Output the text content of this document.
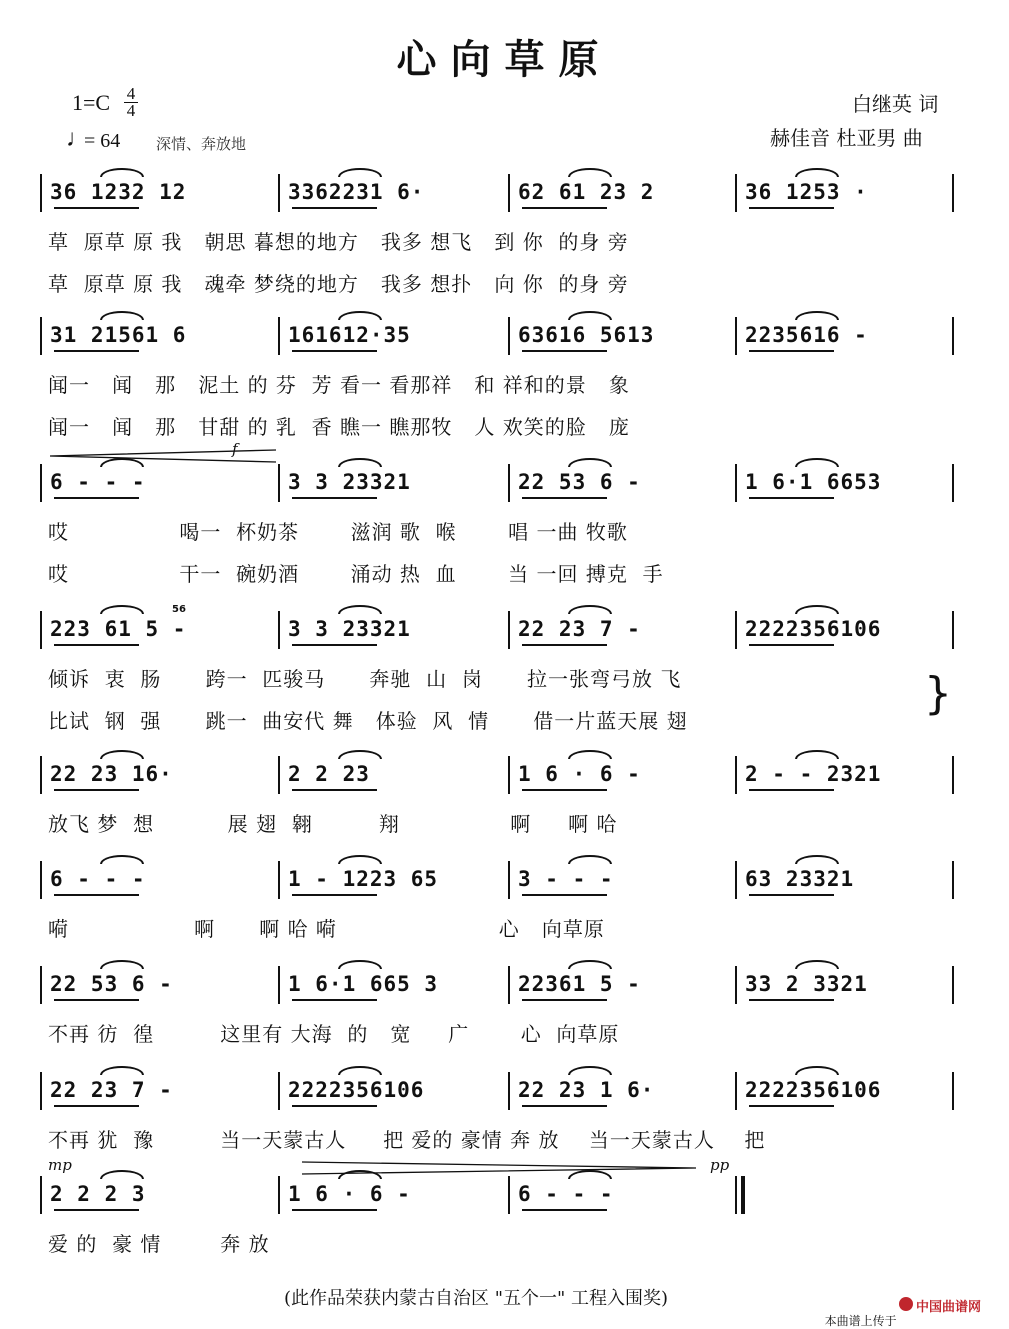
心向草原
$1=C \frac{4}{4}$
♩
= 64 深情、奔放地
白继英 词
赫佳音 杜亚男 曲
36 1232 12	3362231 6·	62 61 23 2	36 1253 ·
草  原草 原 我   朝思 暮想的地方   我多 想飞   到 你  的身 旁
草  原草 原 我   魂牵 梦绕的地方   我多 想扑   向 你  的身 旁
31 21561 6	161612·35	63616 5613	2235616 -
闻一   闻   那   泥土 的 芬  芳 看一 看那祥   和 祥和的景   象
闻一   闻   那   甘甜 的 乳  香 瞧一 瞧那牧   人 欢笑的脸   庞
6 - - -	3 3 23321	22 53 6 -	1 6·1 6653
哎               喝一  杯奶茶       滋润 歌  喉       唱 一曲 牧歌
哎               干一  碗奶酒       涌动 热  血       当 一回 搏克  手
223 61 5 -	3 3 23321	22 23 7 -	2222356106
倾诉  衷  肠      跨一  匹骏马      奔驰  山  岗      拉一张弯弓放 飞
比试  钢  强      跳一  曲安代 舞   体验  风  情      借一片蓝天展 翅
22 23 16·	2 2 23	1 6 · 6 -	2 - - 2321
放飞 梦  想          展 翅  翱         翔               啊     啊 哈
6 - - -	1 - 1223 65	3 - - -	63 23321
嗬                 啊      啊 哈 嗬                      心   向草原
22 53 6 -	1 6·1 665 3	22361 5 -	33 2 3321
不再 彷  徨         这里有 大海  的   宽     广       心  向草原
22 23 7 -	2222356106	22 23 1 6·	2222356106
不再 犹  豫         当一天蒙古人     把 爱的 豪情 奔 放    当一天蒙古人    把
2 2 2 3	1 6 · 6 -	6 - - -
爱 的  豪 情        奔 放
}
f
mp	pp
56
(此作品荣获内蒙古自治区 "五个一" 工程入围奖)

本曲谱上传于

中国曲谱网
